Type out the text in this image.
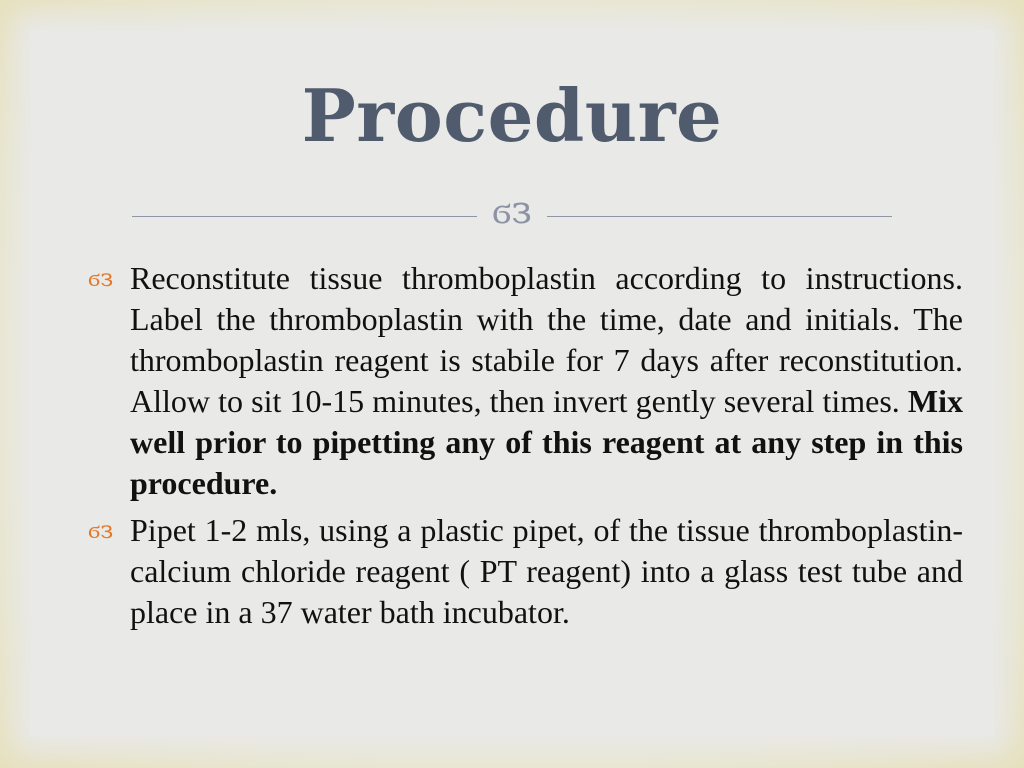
Procedure
ϭз
ϭз Reconstitute tissue thromboplastin according to instructions. Label the thromboplastin with the time, date and initials. The thromboplastin reagent is stabile for 7 days after reconstitution. Allow to sit 10-15 minutes, then invert gently several times. Mix well prior to pipetting any of this reagent at any step in this procedure.
ϭз Pipet 1-2 mls, using a plastic pipet, of the tissue thromboplastin-calcium chloride reagent ( PT reagent) into a glass test tube and place in a 37 water bath incubator.
